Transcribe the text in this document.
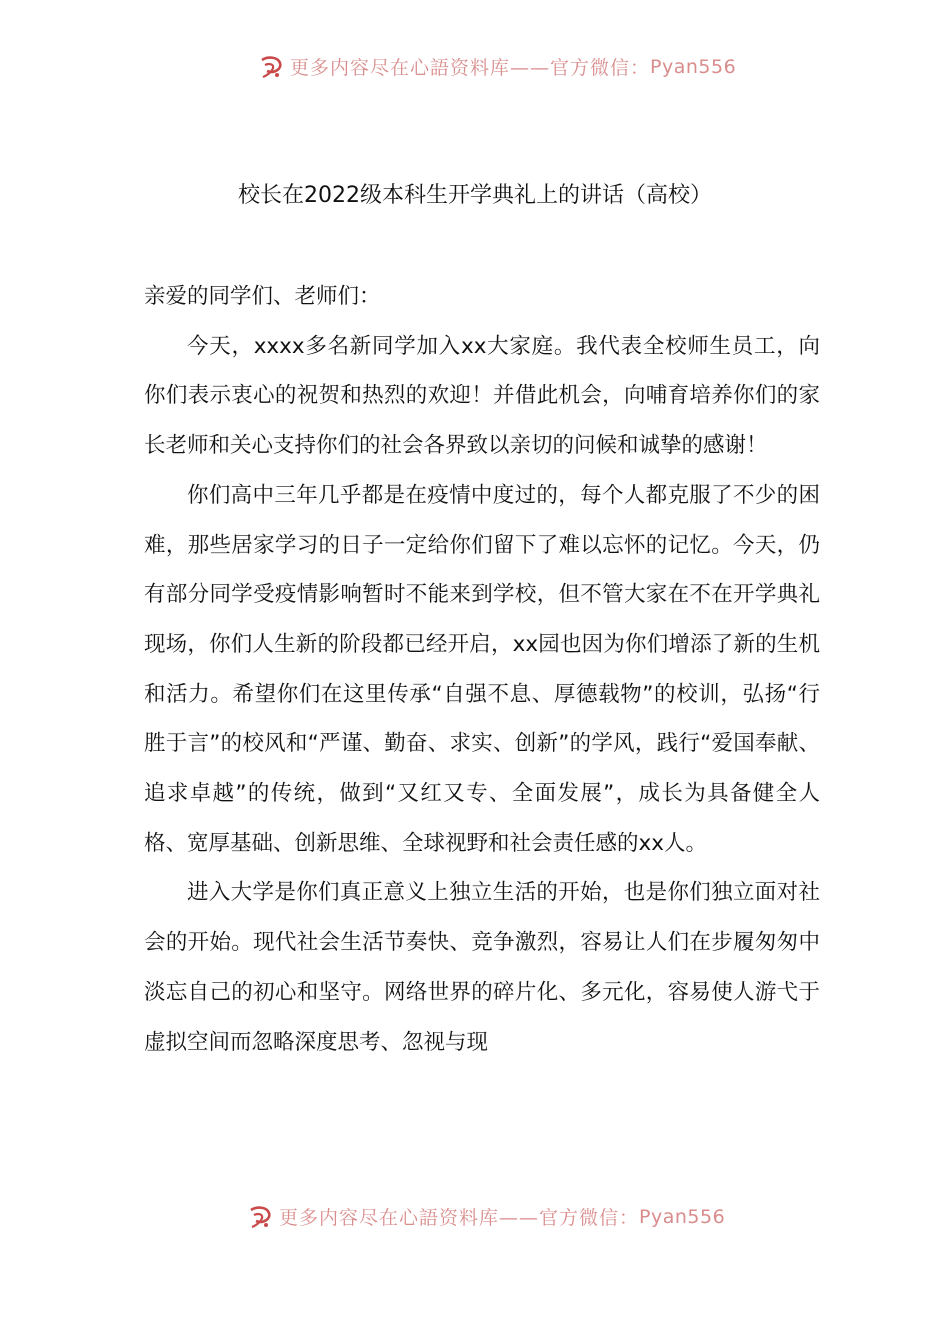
更多内容尽在心語资料库——官方微信： Pyan556
校长在2022级本科生开学典礼上的讲话（高校）

亲爱的同学们、老师们：

今天，xxxx多名新同学加入xx大家庭。我代表全校师生员工，向你们表示衷心的祝贺和热烈的欢迎！并借此机会，向哺育培养你们的家长老师和关心支持你们的社会各界致以亲切的问候和诚挚的感谢！

你们高中三年几乎都是在疫情中度过的，每个人都克服了不少的困难，那些居家学习的日子一定给你们留下了难以忘怀的记忆。今天，仍有部分同学受疫情影响暂时不能来到学校，但不管大家在不在开学典礼现场，你们人生新的阶段都已经开启，xx园也因为你们增添了新的生机和活力。希望你们在这里传承“自强不息、厚德载物”的校训，弘扬“行胜于言”的校风和“严谨、勤奋、求实、创新”的学风，践行“爱国奉献、追求卓越”的传统，做到“又红又专、全面发展”，成长为具备健全人格、宽厚基础、创新思维、全球视野和社会责任感的xx人。

进入大学是你们真正意义上独立生活的开始，也是你们独立面对社会的开始。现代社会生活节奏快、竞争激烈，容易让人们在步履匆匆中淡忘自己的初心和坚守。网络世界的碎片化、多元化，容易使人游弋于虚拟空间而忽略深度思考、忽视与现

更多内容尽在心語资料库——官方微信： Pyan556
